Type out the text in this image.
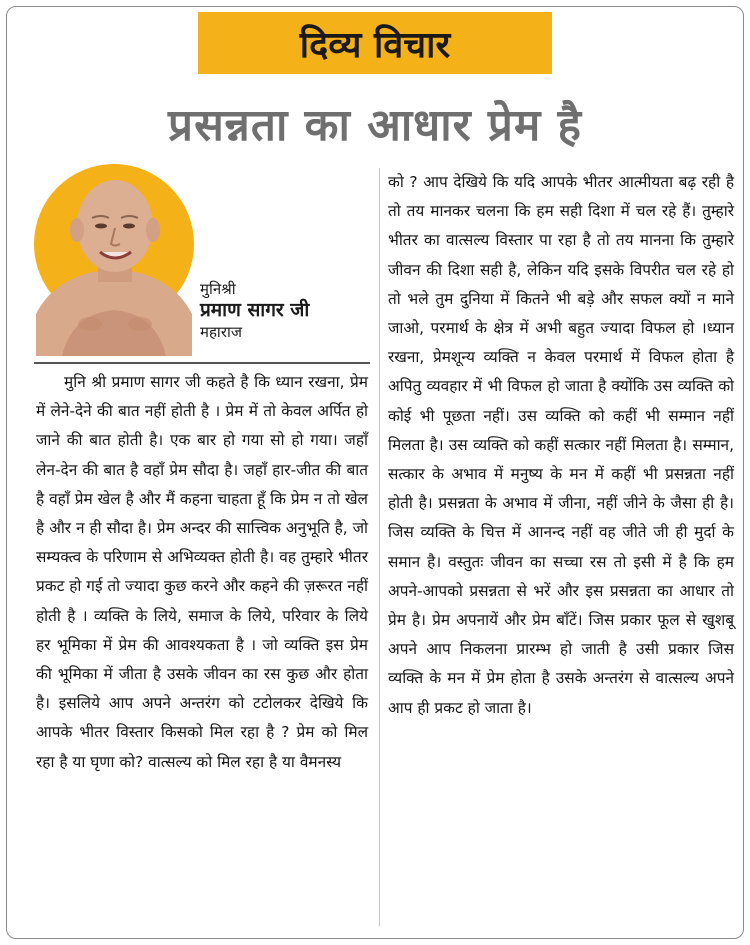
दिव्य विचार
प्रसन्नता का आधार प्रेम है
मुनिश्री
प्रमाण सागर जी
महाराज

मुनि श्री प्रमाण सागर जी कहते है कि ध्यान रखना, प्रेम में लेने-देने की बात नहीं होती है । प्रेम में तो केवल अर्पित हो जाने की बात होती है। एक बार हो गया सो हो गया। जहाँ लेन-देन की बात है वहाँ प्रेम सौदा है। जहाँ हार-जीत की बात है वहाँ प्रेम खेल है और मैं कहना चाहता हूँ कि प्रेम न तो खेल है और न ही सौदा है। प्रेम अन्दर की सात्त्विक अनुभूति है, जो सम्यक्त्व के परिणाम से अभिव्यक्त होती है। वह तुम्हारे भीतर प्रकट हो गई तो ज्यादा कुछ करने और कहने की ज़रूरत नहीं होती है । व्यक्ति के लिये, समाज के लिये, परिवार के लिये हर भूमिका में प्रेम की आवश्यकता है । जो व्यक्ति इस प्रेम की भूमिका में जीता है उसके जीवन का रस कुछ और होता है। इसलिये आप अपने अन्तरंग को टटोलकर देखिये कि आपके भीतर विस्तार किसको मिल रहा है ? प्रेम को मिल रहा है या घृणा को? वात्सल्य को मिल रहा है या वैमनस्य

को ? आप देखिये कि यदि आपके भीतर आत्मीयता बढ़ रही है तो तय मानकर चलना कि हम सही दिशा में चल रहे हैं। तुम्हारे भीतर का वात्सल्य विस्तार पा रहा है तो तय मानना कि तुम्हारे जीवन की दिशा सही है, लेकिन यदि इसके विपरीत चल रहे हो तो भले तुम दुनिया में कितने भी बड़े और सफल क्यों न माने जाओ, परमार्थ के क्षेत्र में अभी बहुत ज्यादा विफल हो ।ध्यान रखना, प्रेमशून्य व्यक्ति न केवल परमार्थ में विफल होता है अपितु व्यवहार में भी विफल हो जाता है क्योंकि उस व्यक्ति को कोई भी पूछता नहीं। उस व्यक्ति को कहीं भी सम्मान नहीं मिलता है। उस व्यक्ति को कहीं सत्कार नहीं मिलता है। सम्मान, सत्कार के अभाव में मनुष्य के मन में कहीं भी प्रसन्नता नहीं होती है। प्रसन्नता के अभाव में जीना, नहीं जीने के जैसा ही है। जिस व्यक्ति के चित्त में आनन्द नहीं वह जीते जी ही मुर्दा के समान है। वस्तुतः जीवन का सच्चा रस तो इसी में है कि हम अपने-आपको प्रसन्नता से भरें और इस प्रसन्नता का आधार तो प्रेम है। प्रेम अपनायें और प्रेम बाँटें। जिस प्रकार फूल से खुशबू अपने आप निकलना प्रारम्भ हो जाती है उसी प्रकार जिस व्यक्ति के मन में प्रेम होता है उसके अन्तरंग से वात्सल्य अपने आप ही प्रकट हो जाता है।
